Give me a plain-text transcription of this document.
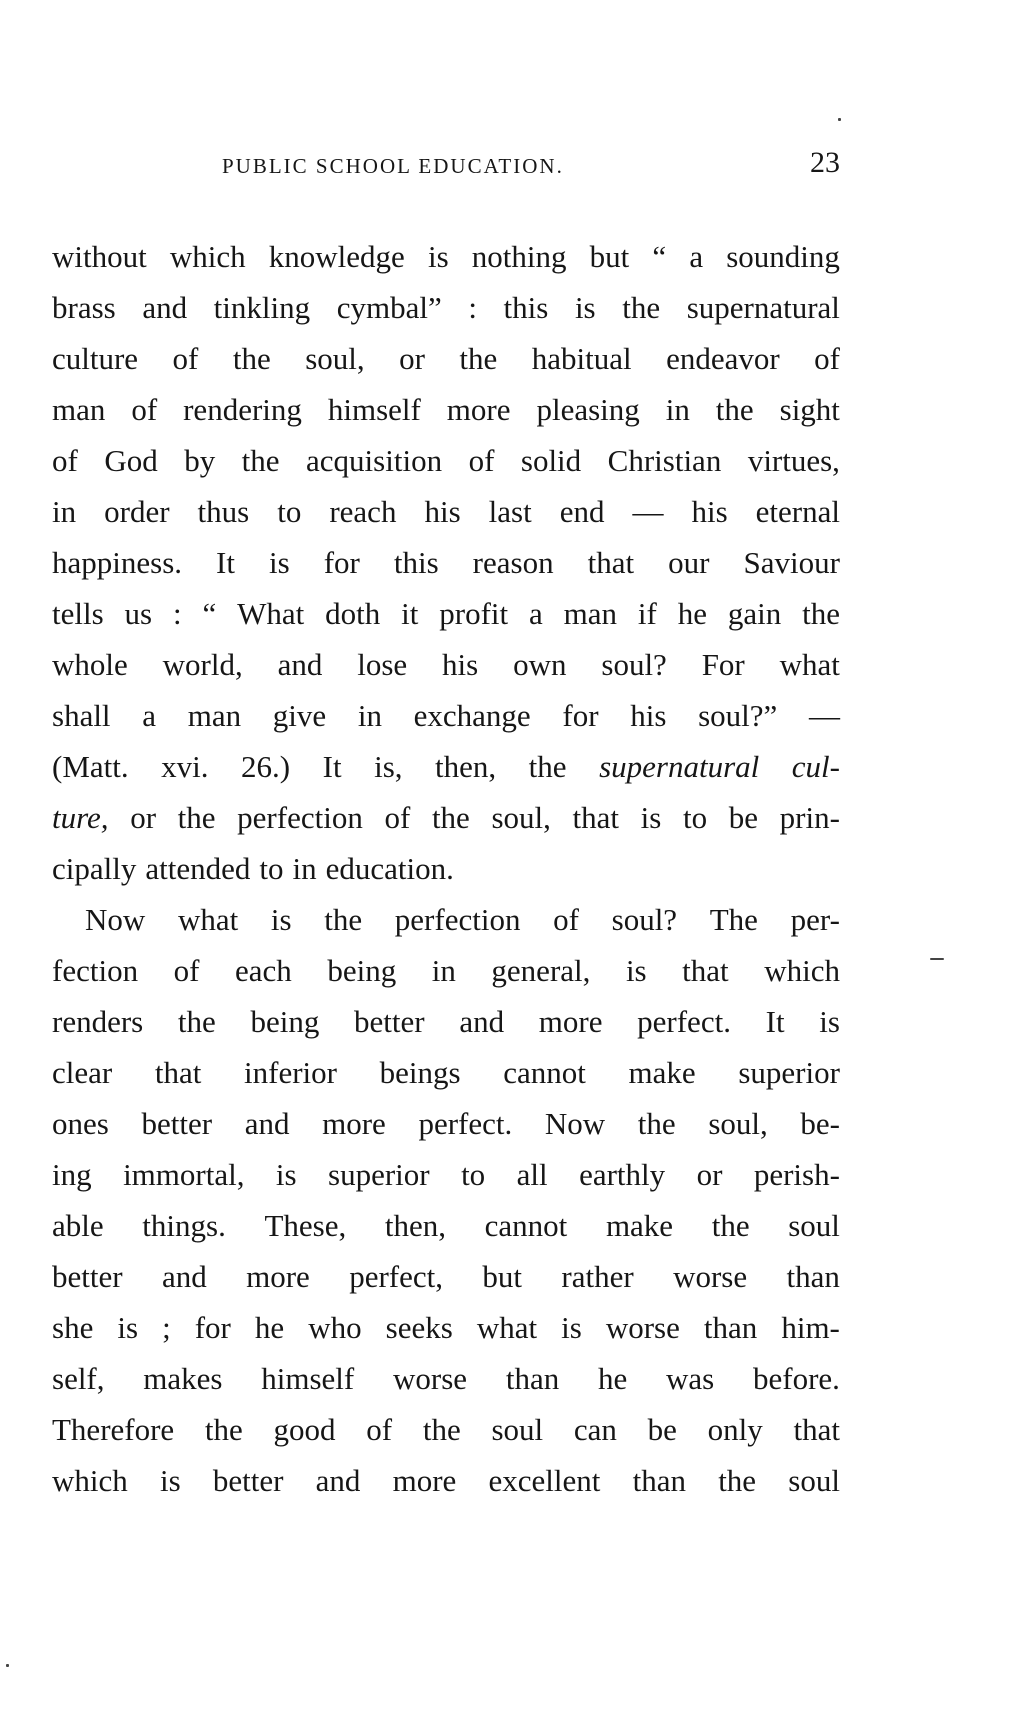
PUBLIC SCHOOL EDUCATION.	23
without which knowledge is nothing but “ a sounding
brass and tinkling cymbal” : this is the supernatural
culture of the soul, or the habitual endeavor of
man of rendering himself more pleasing in the sight
of God by the acquisition of solid Christian virtues,
in order thus to reach his last end — his eternal
happiness. It is for this reason that our Saviour
tells us : “ What doth it profit a man if he gain the
whole world, and lose his own soul? For what
shall a man give in exchange for his soul?” —
(Matt. xvi. 26.) It is, then, the supernatural cul-
ture, or the perfection of the soul, that is to be prin-
cipally attended to in education.
Now what is the perfection of soul? The per-
fection of each being in general, is that which
renders the being better and more perfect. It is
clear that inferior beings cannot make superior
ones better and more perfect. Now the soul, be-
ing immortal, is superior to all earthly or perish-
able things. These, then, cannot make the soul
better and more perfect, but rather worse than
she is ; for he who seeks what is worse than him-
self, makes himself worse than he was before.
Therefore the good of the soul can be only that
which is better and more excellent than the soul
